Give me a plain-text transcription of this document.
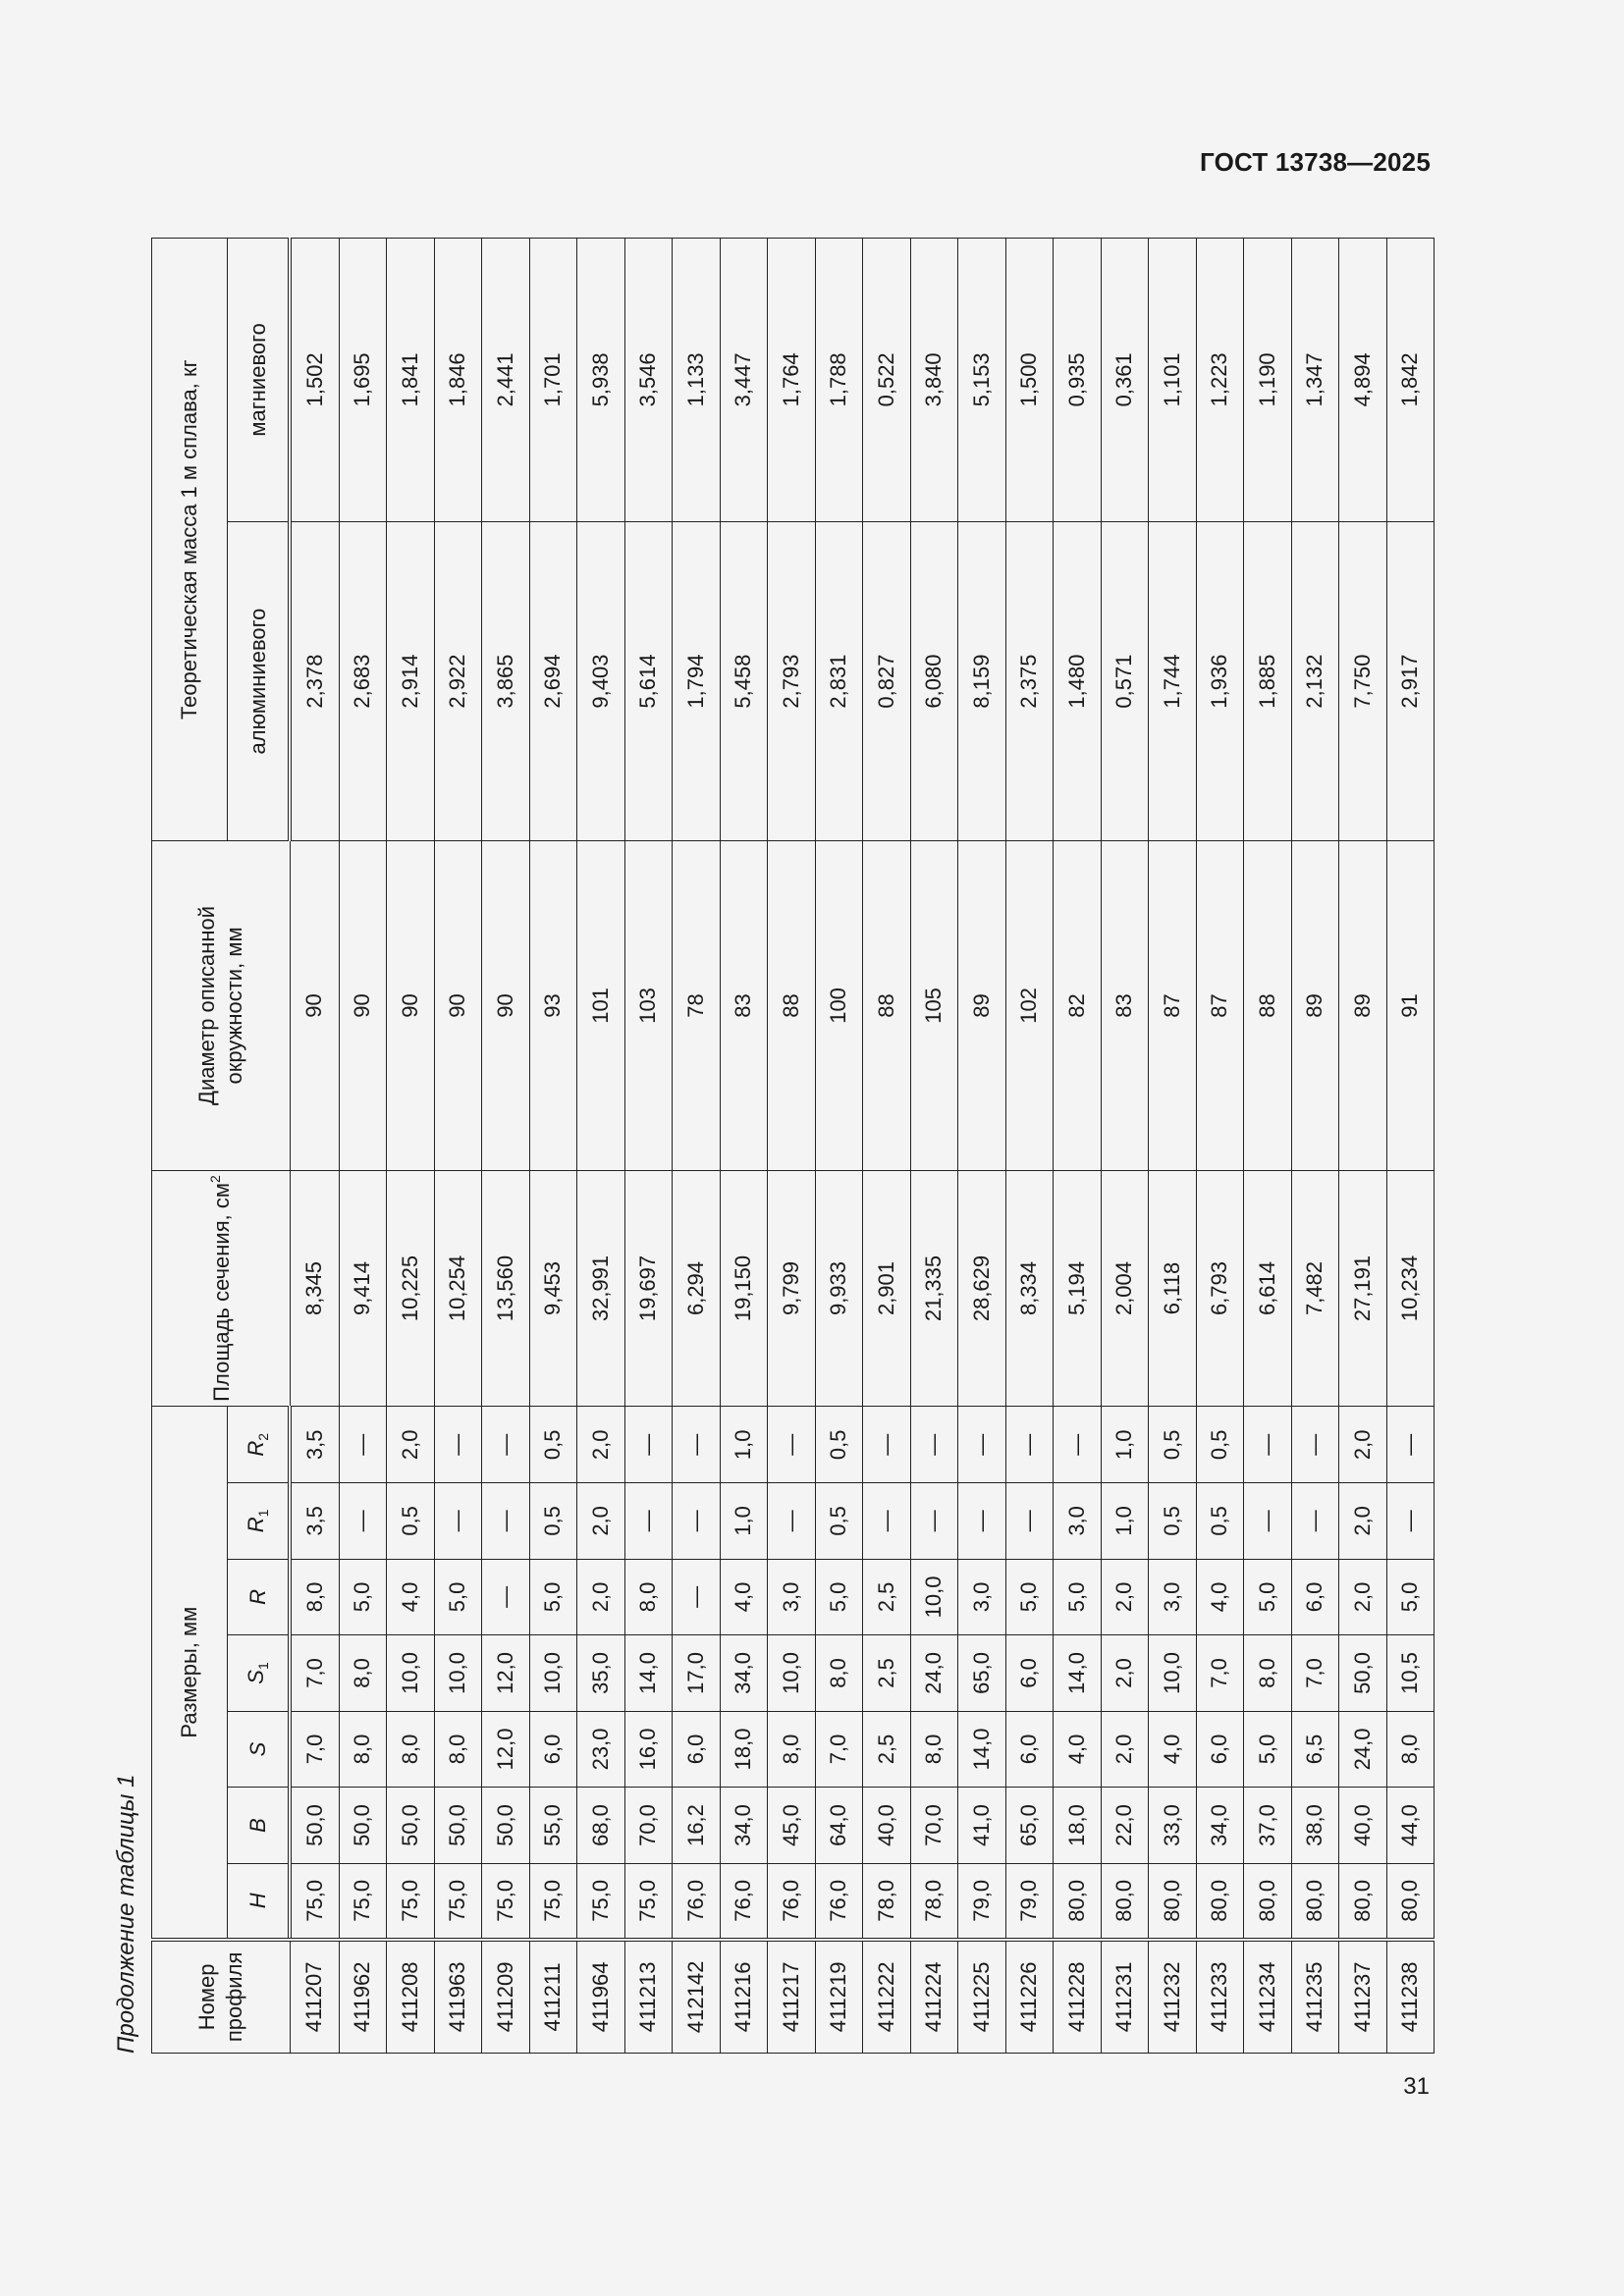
ГОСТ 13738—2025
Продолжение таблицы 1	Номер профиля	Размеры, мм							Площадь сечения, $см^2$	Диаметр описанной окружности, мм	Теоретическая масса 1 м сплава, кг	
	H	B	S	$S_1$	R	$R_1$	$R_2$			алюминиевого	магниевого
411207	75,0	50,0	7,0	7,0	8,0	3,5	3,5	8,345	90	2,378	1,502
411962	75,0	50,0	8,0	8,0	5,0	—	—	9,414	90	2,683	1,695
411208	75,0	50,0	8,0	10,0	4,0	0,5	2,0	10,225	90	2,914	1,841
411963	75,0	50,0	8,0	10,0	5,0	—	—	10,254	90	2,922	1,846
411209	75,0	50,0	12,0	12,0	—	—	—	13,560	90	3,865	2,441
411211	75,0	55,0	6,0	10,0	5,0	0,5	0,5	9,453	93	2,694	1,701
411964	75,0	68,0	23,0	35,0	2,0	2,0	2,0	32,991	101	9,403	5,938
411213	75,0	70,0	16,0	14,0	8,0	—	—	19,697	103	5,614	3,546
412142	76,0	16,2	6,0	17,0	—	—	—	6,294	78	1,794	1,133
411216	76,0	34,0	18,0	34,0	4,0	1,0	1,0	19,150	83	5,458	3,447
411217	76,0	45,0	8,0	10,0	3,0	—	—	9,799	88	2,793	1,764
411219	76,0	64,0	7,0	8,0	5,0	0,5	0,5	9,933	100	2,831	1,788
411222	78,0	40,0	2,5	2,5	2,5	—	—	2,901	88	0,827	0,522
411224	78,0	70,0	8,0	24,0	10,0	—	—	21,335	105	6,080	3,840
411225	79,0	41,0	14,0	65,0	3,0	—	—	28,629	89	8,159	5,153
411226	79,0	65,0	6,0	6,0	5,0	—	—	8,334	102	2,375	1,500
411228	80,0	18,0	4,0	14,0	5,0	3,0	—	5,194	82	1,480	0,935
411231	80,0	22,0	2,0	2,0	2,0	1,0	1,0	2,004	83	0,571	0,361
411232	80,0	33,0	4,0	10,0	3,0	0,5	0,5	6,118	87	1,744	1,101
411233	80,0	34,0	6,0	7,0	4,0	0,5	0,5	6,793	87	1,936	1,223
411234	80,0	37,0	5,0	8,0	5,0	—	—	6,614	88	1,885	1,190
411235	80,0	38,0	6,5	7,0	6,0	—	—	7,482	89	2,132	1,347
411237	80,0	40,0	24,0	50,0	2,0	2,0	2,0	27,191	89	7,750	4,894
411238	80,0	44,0	8,0	10,5	5,0	—	—	10,234	91	2,917	1,842
31
